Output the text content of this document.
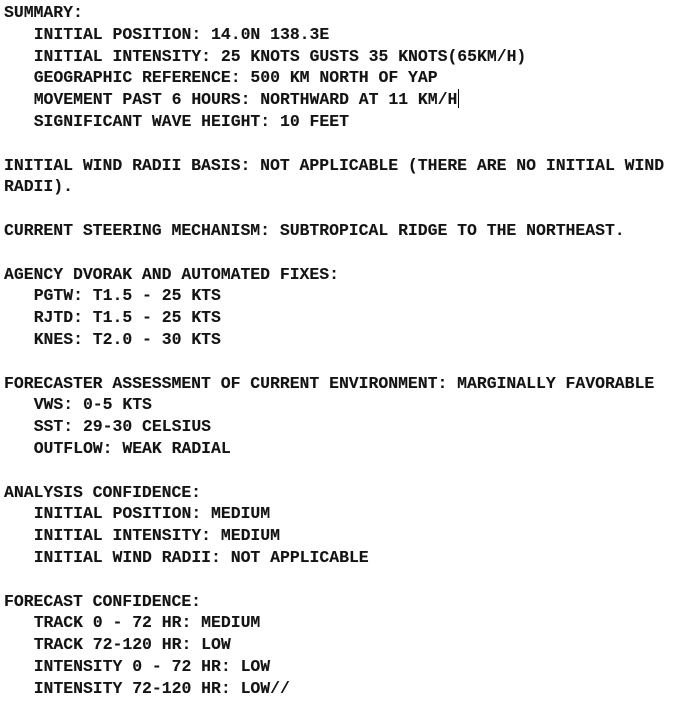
SUMMARY:
INITIAL POSITION: 14.0N 138.3E
INITIAL INTENSITY: 25 KNOTS GUSTS 35 KNOTS(65KM/H)
GEOGRAPHIC REFERENCE: 500 KM NORTH OF YAP
MOVEMENT PAST 6 HOURS: NORTHWARD AT 11 KM/H
SIGNIFICANT WAVE HEIGHT: 10 FEET
INITIAL WIND RADII BASIS: NOT APPLICABLE (THERE ARE NO INITIAL WIND RADII).
CURRENT STEERING MECHANISM: SUBTROPICAL RIDGE TO THE NORTHEAST.
AGENCY DVORAK AND AUTOMATED FIXES:
PGTW: T1.5 - 25 KTS
RJTD: T1.5 - 25 KTS
KNES: T2.0 - 30 KTS
FORECASTER ASSESSMENT OF CURRENT ENVIRONMENT: MARGINALLY FAVORABLE
VWS: 0-5 KTS
SST: 29-30 CELSIUS
OUTFLOW: WEAK RADIAL
ANALYSIS CONFIDENCE:
INITIAL POSITION: MEDIUM
INITIAL INTENSITY: MEDIUM
INITIAL WIND RADII: NOT APPLICABLE
FORECAST CONFIDENCE:
TRACK 0 - 72 HR: MEDIUM
TRACK 72-120 HR: LOW
INTENSITY 0 - 72 HR: LOW
INTENSITY 72-120 HR: LOW//
